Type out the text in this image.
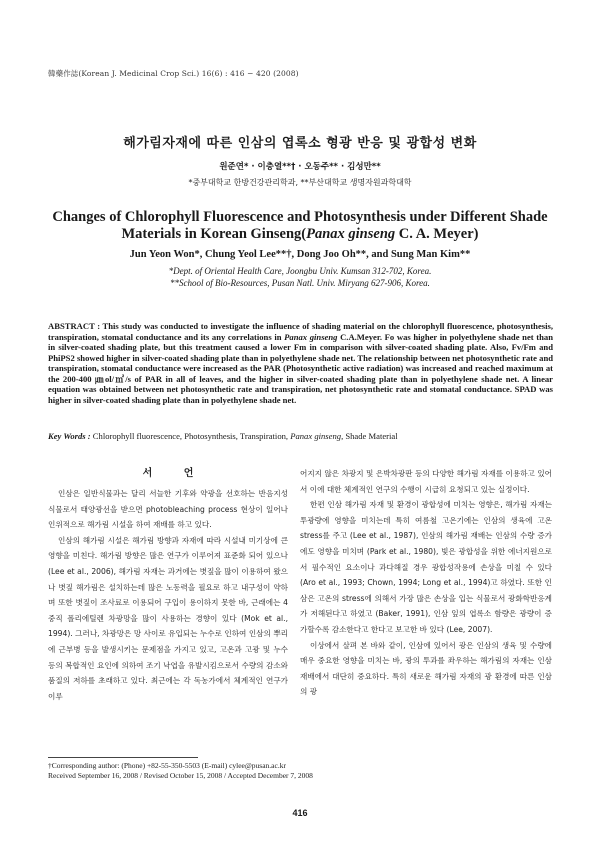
韓藥作誌(Korean J. Medicinal Crop Sci.) 16(6) : 416 − 420 (2008)
해가림자재에 따른 인삼의 엽록소 형광 반응 및 광합성 변화
원준연* · 이충열**† · 오동주** · 김성만**
*중부대학교 한방건강관리학과, **부산대학교 생명자원과학대학
Changes of Chlorophyll Fluorescence and Photosynthesis under Different Shade Materials in Korean Ginseng(Panax ginseng C. A. Meyer)
Jun Yeon Won*, Chung Yeol Lee**†, Dong Joo Oh**, and Sung Man Kim**
*Dept. of Oriental Health Care, Joongbu Univ. Kumsan 312-702, Korea.
**School of Bio-Resources, Pusan Natl. Univ. Miryang 627-906, Korea.
ABSTRACT : This study was conducted to investigate the influence of shading material on the chlorophyll fluorescence, photosynthesis, transpiration, stomatal conductance and its any correlations in Panax ginseng C.A.Meyer. Fo was higher in polyethylene shade net than in silver-coated shading plate, but this treatment caused a lower Fm in comparison with silver-coated shading plate. Also, Fv/Fm and PhiPS2 showed higher in silver-coated shading plate than in polyethylene shade net. The relationship between net photosynthetic rate and transpiration, stomatal conductance were increased as the PAR (Photosynthetic active radiation) was increased and reached maximum at the 200-400 ㎛ol/㎡/s of PAR in all of leaves, and the higher in silver-coated shading plate than in polyethylene shade net. A linear equation was obtained between net photosynthetic rate and transpiration, net photosynthetic rate and stomatal conductance. SPAD was higher in silver-coated shading plate than in polyethylene shade net.
Key Words : Chlorophyll fluorescence, Photosynthesis, Transpiration, Panax ginseng, Shade Material
서 언

인삼은 일반식물과는 달리 서늘한 기후와 약광을 선호하는 반음지성 식물로서 태양광선을 받으면 photobleaching process 현상이 일어나 인위적으로 해가림 시설을 하여 재배를 하고 있다.

인삼의 해가림 시설은 해가림 방향과 자재에 따라 시설내 미기상에 큰 영향을 미친다. 해가림 방향은 많은 연구가 이루어져 표준화 되어 있으나 (Lee et al., 2006), 해가림 자재는 과거에는 볏짚을 많이 이용하여 왔으나 볏짚 해가림은 설치하는데 많은 노동력을 필요로 하고 내구성이 약하며 또한 볏짚이 조사료로 이용되어 구입이 용이하지 못한 바, 근래에는 4중직 폴리에틸렌 차광망을 많이 사용하는 경향이 있다 (Mok et al., 1994). 그러나, 차광망은 망 사이로 유입되는 누수로 인하여 인삼의 뿌리에 근부병 등을 발생시키는 문제점을 가지고 있고, 고온과 고광 및 누수 등의 복합적인 요인에 의하여 조기 낙엽을 유발시킴으로서 수량의 감소와 품질의 저하를 초래하고 있다. 최근에는 각 독농가에서 체계적인 연구가 이루

어지지 않은 차광지 및 은박차광판 등의 다양한 해가림 자재를 이용하고 있어서 이에 대한 체계적인 연구의 수행이 시급히 요청되고 있는 실정이다.

한편 인삼 해가림 자재 및 환경이 광합성에 미치는 영향은, 해가림 자재는 투광량에 영향을 미치는데 특히 여름철 고온기에는 인삼의 생육에 고온 stress를 주고 (Lee et al., 1987), 인삼의 해가림 재배는 인삼의 수량 증가에도 영향을 미치며 (Park et al., 1980), 빛은 광합성을 위한 에너지원으로서 필수적인 요소이나 과다해질 경우 광합성작용에 손상을 미칠 수 있다 (Aro et al., 1993; Chown, 1994; Long et al., 1994)고 하였다. 또한 인삼은 고온의 stress에 의해서 가장 많은 손상을 입는 식물로서 광화학반응계가 저해된다고 하였고 (Baker, 1991), 인삼 잎의 엽록소 함량은 광량이 증가할수록 감소한다고 한다고 보고한 바 있다 (Lee, 2007).

이상에서 살펴 본 바와 같이, 인삼에 있어서 광은 인삼의 생육 및 수량에 매우 중요한 영향을 미치는 바, 광의 투과를 좌우하는 해가림의 자재는 인삼 재배에서 대단히 중요하다. 특히 새로운 해가림 자재의 광 환경에 따른 인삼의 광

†Corresponding author: (Phone) +82-55-350-5503 (E-mail) cylee@pusan.ac.kr
Received September 16, 2008 / Revised October 15, 2008 / Accepted December 7, 2008
416
